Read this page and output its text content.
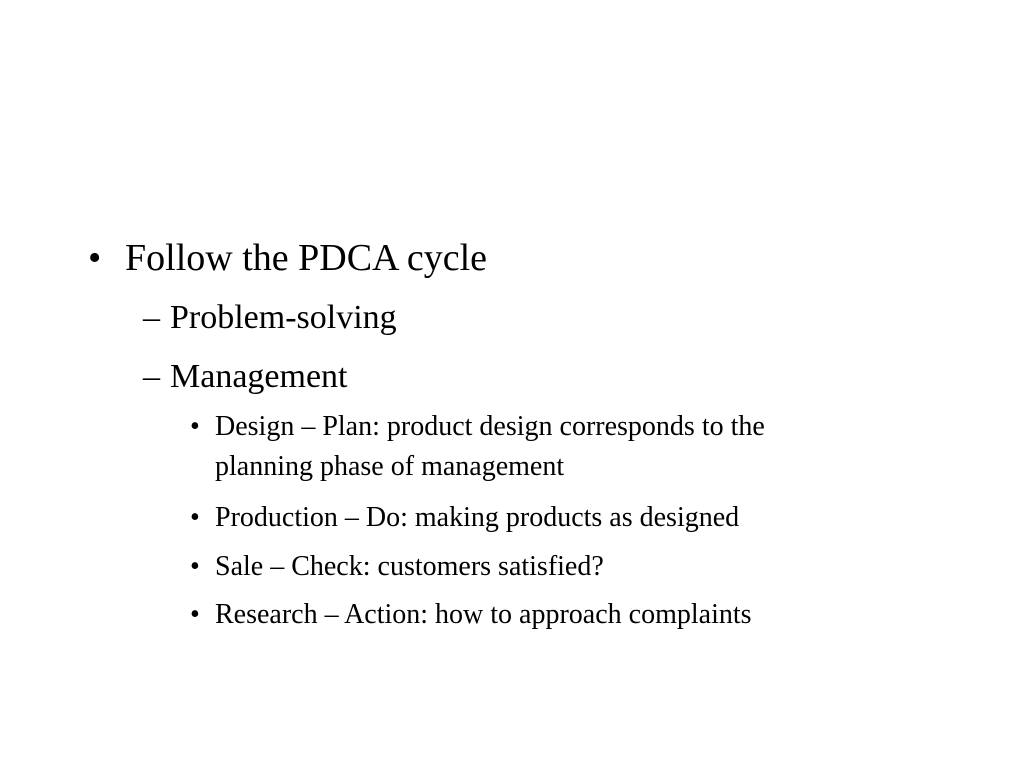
• Follow the PDCA cycle
– Problem-solving
– Management
• Design – Plan: product design corresponds to the
planning phase of management
• Production – Do: making products as designed
• Sale – Check: customers satisfied?
• Research – Action: how to approach complaints
